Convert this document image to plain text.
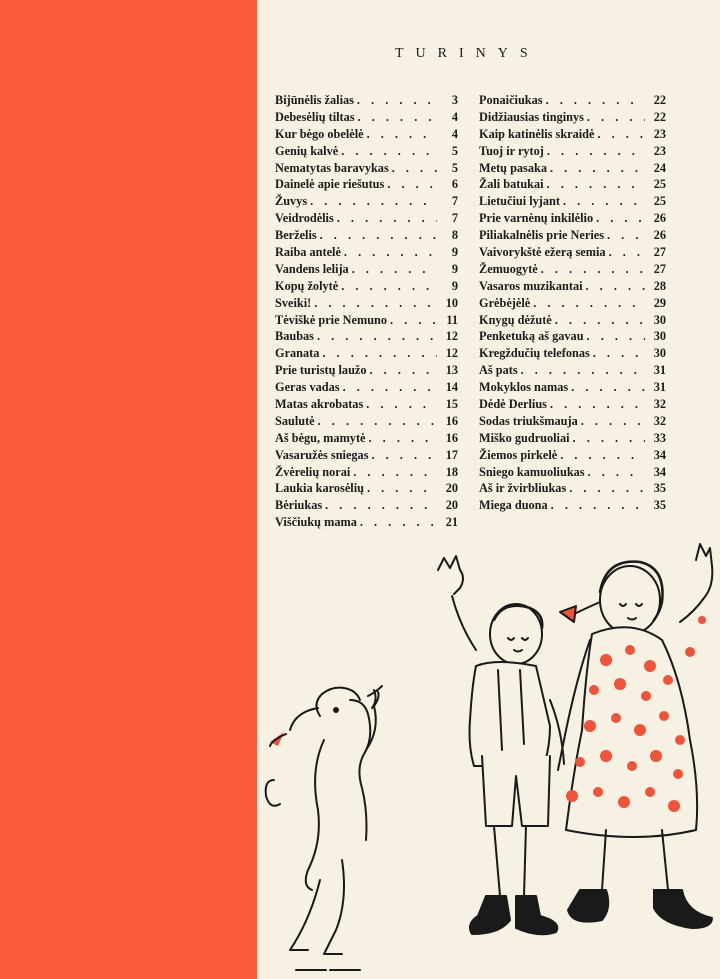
TURINYS
Bijūnėlis žalias . . .	3
Debesėlių tiltas . . .	4
Kur bėgo obelėlė . . .	4
Genių kalvė . . .	5
Nematytas baravykas . . .	5
Dainelė apie riešutus . . .	6
Žuvys . . .	7
Veidrodėlis . . .	7
Berželis . . .	8
Raiba antelė . . .	9
Vandens lelija . . .	9
Kopų žolytė . . .	9
Sveiki! . . .	10
Tėviškė prie Nemuno . . .	11
Baubas . . .	12
Granata . . .	12
Prie turistų laužo . . .	13
Geras vadas . . .	14
Matas akrobatas . . .	15
Saulutė . . .	16
Aš bėgu, mamytė . . .	16
Vasaružės sniegas . . .	17
Žvėrelių norai . . .	18
Laukia karosėlių . . .	20
Bėriukas . . .	20
Viščiukų mama . . .	21
Ponaičiukas . . .	22
Didžiausias tinginys . . .	22
Kaip katinėlis skraidė . . .	23
Tuoj ir rytoj . . .	23
Metų pasaka . . .	24
Žali batukai . . .	25
Lietučiui lyjant . . .	25
Prie varnėnų inkilėlio . . .	26
Piliakalnėlis prie Neries . . .	26
Vaivorykštė ežerą semia . . .	27
Žemuogytė . . .	27
Vasaros muzikantai . . .	28
Grėbėjėlė . . .	29
Knygų dėžutė . . .	30
Penketuką aš gavau . . .	30
Kregždučių telefonas . . .	30
Aš pats . . .	31
Mokyklos namas . . .	31
Dėdė Derlius . . .	32
Sodas triukšmauja . . .	32
Miško gudruoliai . . .	33
Žiemos pirkelė . . .	34
Sniego kamuoliukas . . .	34
Aš ir žvirbliukas . . .	35
Miega duona . . .	35
